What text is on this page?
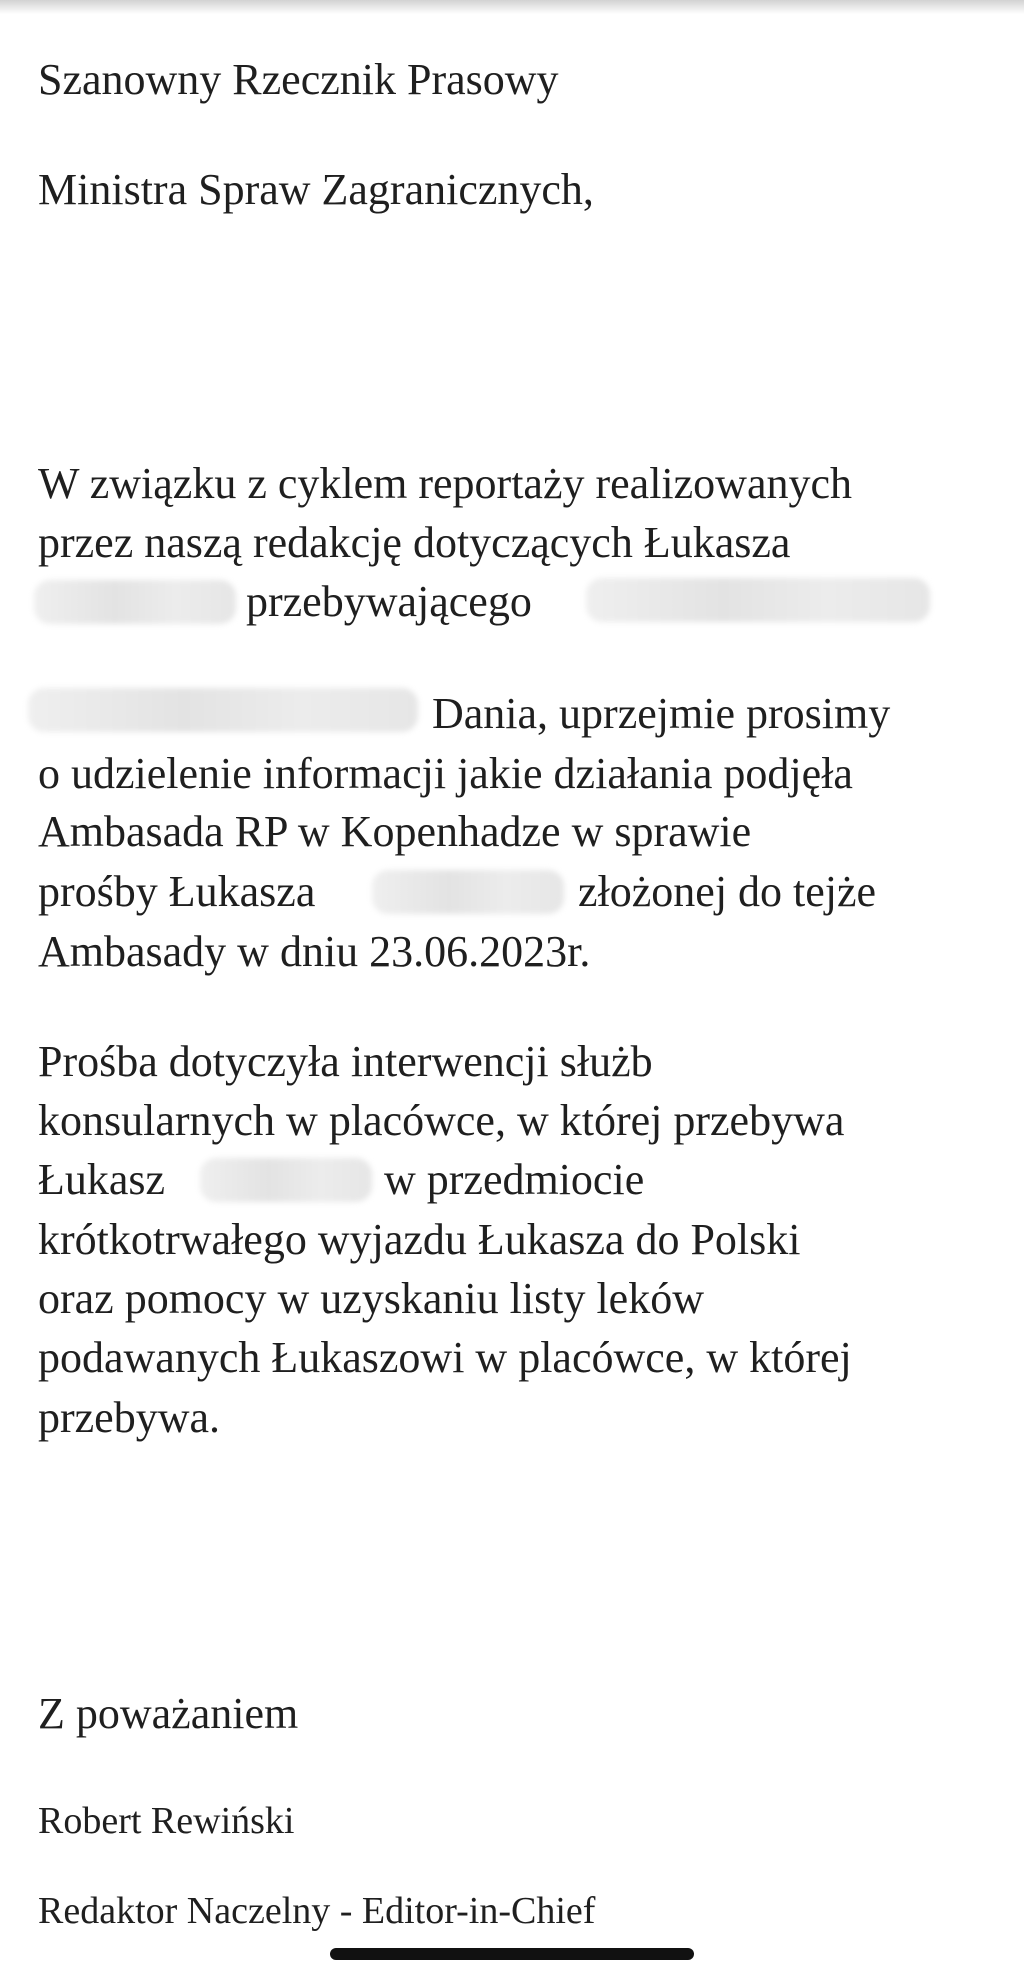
Szanowny Rzecznik Prasowy
Ministra Spraw Zagranicznych,
W związku z cyklem reportaży realizowanych
przez naszą redakcję dotyczących Łukasza
przebywającego
Dania, uprzejmie prosimy
o udzielenie informacji jakie działania podjęła
Ambasada RP w Kopenhadze w sprawie
prośby Łukasza	złożonej do tejże
Ambasady w dniu 23.06.2023r.
Prośba dotyczyła interwencji służb
konsularnych w placówce, w której przebywa
Łukasz	w przedmiocie
krótkotrwałego wyjazdu Łukasza do Polski
oraz pomocy w uzyskaniu listy leków
podawanych Łukaszowi w placówce, w której
przebywa.
Z poważaniem
Robert Rewiński
Redaktor Naczelny - Editor-in-Chief
